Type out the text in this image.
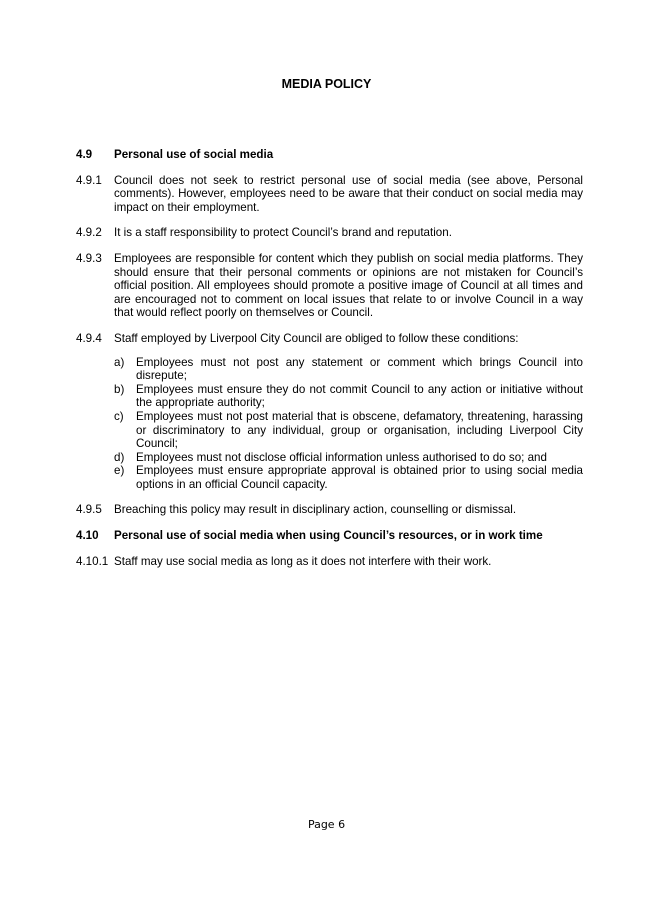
MEDIA POLICY
4.9	Personal use of social media
4.9.1	Council does not seek to restrict personal use of social media (see above, Personal comments). However, employees need to be aware that their conduct on social media may impact on their employment.
4.9.2	It is a staff responsibility to protect Council’s brand and reputation.
4.9.3	Employees are responsible for content which they publish on social media platforms. They should ensure that their personal comments or opinions are not mistaken for Council’s official position. All employees should promote a positive image of Council at all times and are encouraged not to comment on local issues that relate to or involve Council in a way that would reflect poorly on themselves or Council.
4.9.4	Staff employed by Liverpool City Council are obliged to follow these conditions:
a)	Employees must not post any statement or comment which brings Council into disrepute;
b)	Employees must ensure they do not commit Council to any action or initiative without the appropriate authority;
c)	Employees must not post material that is obscene, defamatory, threatening, harassing or discriminatory to any individual, group or organisation, including Liverpool City Council;
d)	Employees must not disclose official information unless authorised to do so; and
e)	Employees must ensure appropriate approval is obtained prior to using social media options in an official Council capacity.
4.9.5	Breaching this policy may result in disciplinary action, counselling or dismissal.
4.10	Personal use of social media when using Council’s resources, or in work time
4.10.1 Staff may use social media as long as it does not interfere with their work.
Page 6
